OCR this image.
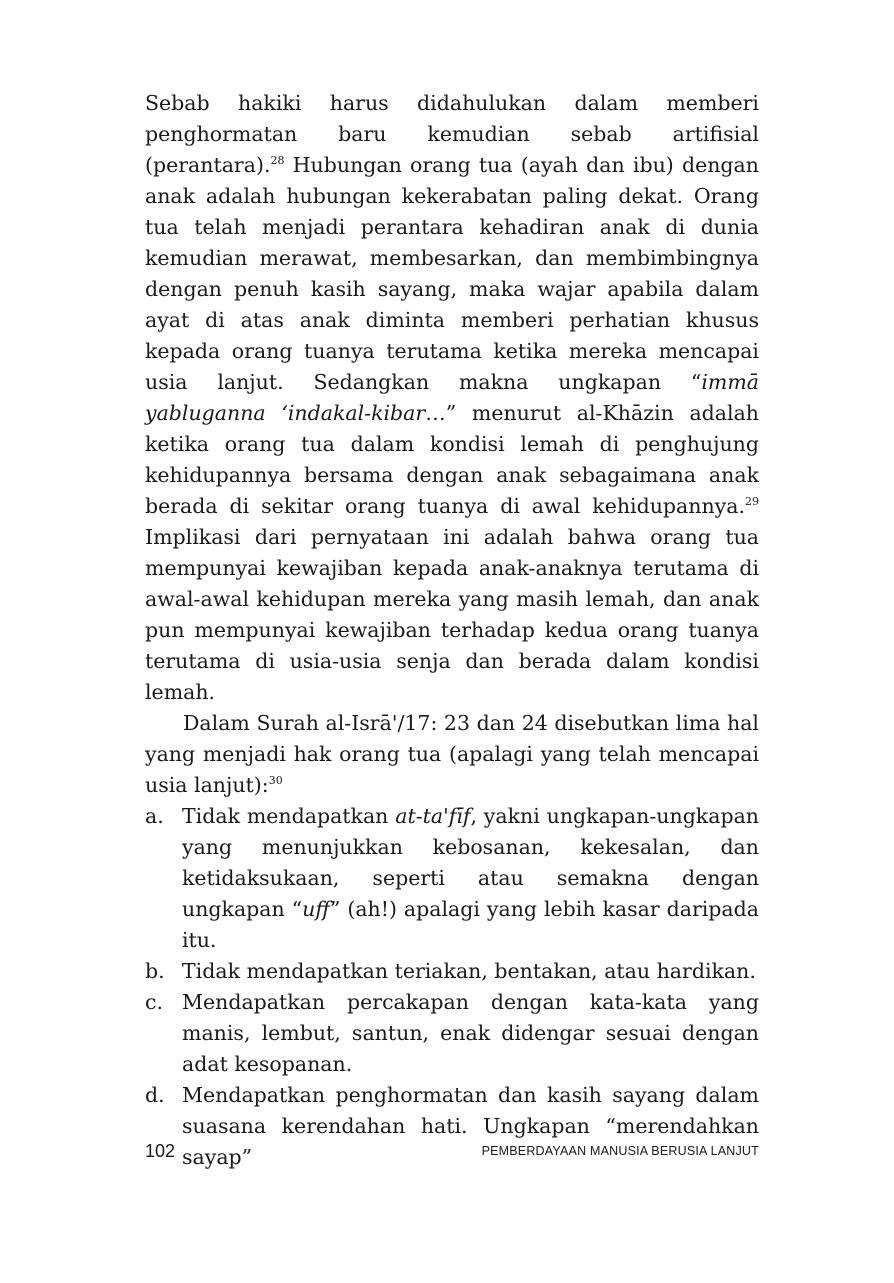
Sebab hakiki harus didahulukan dalam memberi penghormatan baru kemudian sebab artifisial (perantara).$^{28}$ Hubungan orang tua (ayah dan ibu) dengan anak adalah hubungan kekerabatan paling dekat. Orang tua telah menjadi perantara kehadiran anak di dunia kemudian merawat, membesarkan, dan membimbingnya dengan penuh kasih sayang, maka wajar apabila dalam ayat di atas anak diminta memberi perhatian khusus kepada orang tuanya terutama ketika mereka mencapai usia lanjut. Sedangkan makna ungkapan “immā yabluganna ‘indakal-kibar…” menurut al-Khāzin adalah ketika orang tua dalam kondisi lemah di penghujung kehidupannya bersama dengan anak sebagaimana anak berada di sekitar orang tuanya di awal kehidupannya.$^{29}$ Implikasi dari pernyataan ini adalah bahwa orang tua mempunyai kewajiban kepada anak-anaknya terutama di awal-awal kehidupan mereka yang masih lemah, dan anak pun mempunyai kewajiban terhadap kedua orang tuanya terutama di usia-usia senja dan berada dalam kondisi lemah.

Dalam Surah al-Isrā'/17: 23 dan 24 disebutkan lima hal yang menjadi hak orang tua (apalagi yang telah mencapai usia lanjut):$^{30}$

a. Tidak mendapatkan at-ta'fīf, yakni ungkapan-ungkapan yang menunjukkan kebosanan, kekesalan, dan ketidaksukaan, seperti atau semakna dengan ungkapan “uff” (ah!) apalagi yang lebih kasar daripada itu.
b. Tidak mendapatkan teriakan, bentakan, atau hardikan.
c. Mendapatkan percakapan dengan kata-kata yang manis, lembut, santun, enak didengar sesuai dengan adat kesopanan.
d. Mendapatkan penghormatan dan kasih sayang dalam suasana kerendahan hati. Ungkapan “merendahkan sayap”
102	PEMBERDAYAAN MANUSIA BERUSIA LANJUT
